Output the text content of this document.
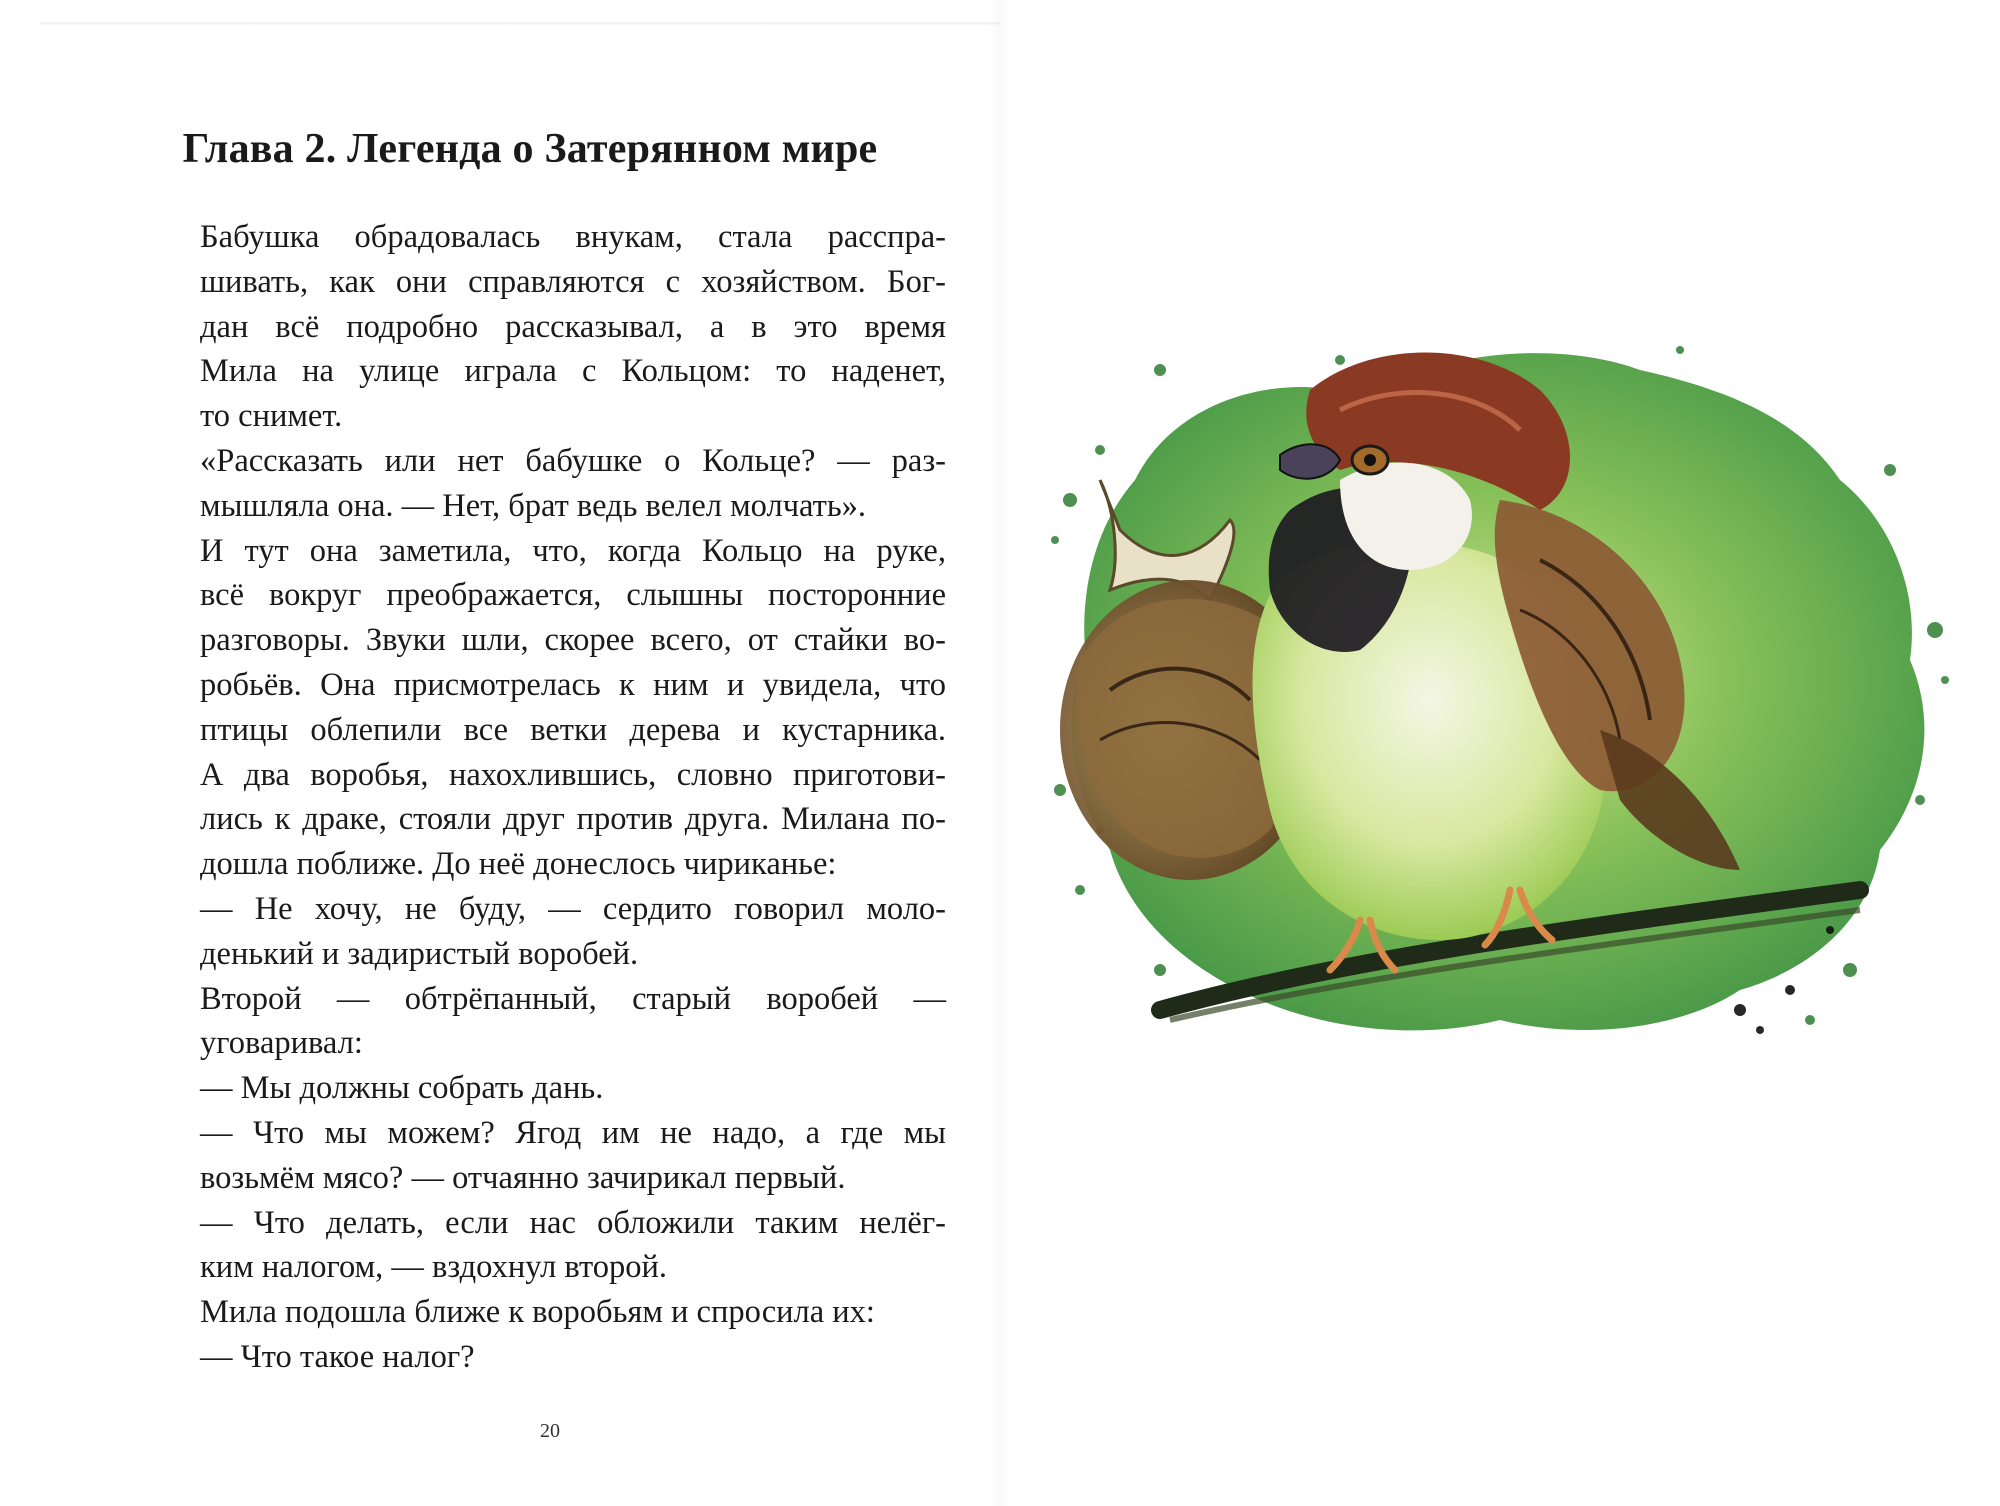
Глава 2. Легенда о Затерянном мире

Бабушка обрадовалась внукам, стала расспра-
шивать, как они справляются с хозяйством. Бог-
дан всё подробно рассказывал, а в это время
Мила на улице играла с Кольцом: то наденет,
то снимет.

«Рассказать или нет бабушке о Кольце? — раз-
мышляла она. — Нет, брат ведь велел молчать».

И тут она заметила, что, когда Кольцо на руке,
всё вокруг преображается, слышны посторонние
разговоры. Звуки шли, скорее всего, от стайки во-
робьёв. Она присмотрелась к ним и увидела, что
птицы облепили все ветки дерева и кустарника.
А два воробья, нахохлившись, словно приготови-
лись к драке, стояли друг против друга. Милана по-
дошла поближе. До неё донеслось чириканье:

— Не хочу, не буду, — сердито говорил моло-
денький и задиристый воробей.

Второй — обтрёпанный, старый воробей —
уговаривал:

— Мы должны собрать дань.

— Что мы можем? Ягод им не надо, а где мы
возьмём мясо? — отчаянно зачирикал первый.

— Что делать, если нас обложили таким нелёг-
ким налогом, — вздохнул второй.

Мила подошла ближе к воробьям и спросила их:

— Что такое налог?

20
